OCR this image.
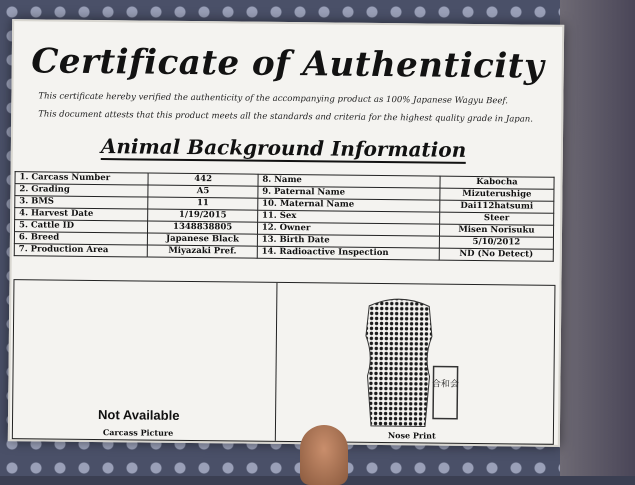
Certificate of Authenticity
This certificate hereby verified the authenticity of the accompanying product as 100% Japanese Wagyu Beef.
This document attests that this product meets all the standards and criteria for the highest quality grade in Japan.
Animal Background Information
1. Carcass Number	442	8. Name	Kabocha
2. Grading	A5	9. Paternal Name	Mizuterushige
3. BMS	11	10. Maternal Name	Dai112hatsumi
4. Harvest Date	1/19/2015	11. Sex	Steer
5. Cattle ID	1348838805	12. Owner	Misen Norisuku
6. Breed	Japanese Black	13. Birth Date	5/10/2012
7. Production Area	Miyazaki Pref.	14. Radioactive Inspection	ND (No Detect)
Not Available
Carcass Picture
合和会
Nose Print
